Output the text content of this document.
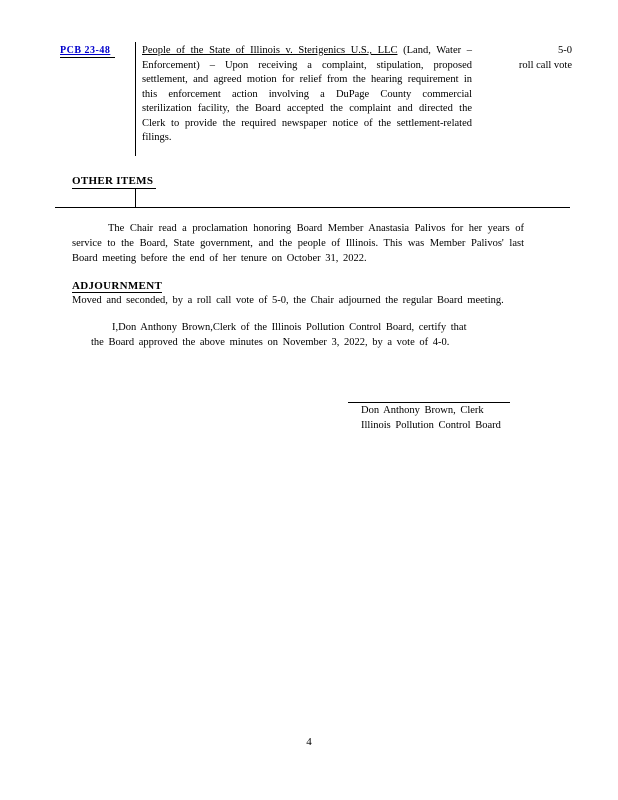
PCB 23-48	People of the State of Illinois v. Sterigenics U.S., LLC (Land, Water –Enforcement) – Upon receiving a complaint, stipulation, proposed settlement, and agreed motion for relief from the hearing requirement in this enforcement action involving a DuPage County commercial sterilization facility, the Board accepted the complaint and directed the Clerk to provide the required newspaper notice of the settlement-related filings.
5-0
roll call vote
OTHER ITEMS
The Chair read a proclamation honoring Board Member Anastasia Palivos for her years of service to the Board, State government, and the people of Illinois. This was Member Palivos' last Board meeting before the end of her tenure on October 31, 2022.
ADJOURNMENT
Moved and seconded, by a roll call vote of 5-0, the Chair adjourned the regular Board meeting.
I,Don Anthony Brown,Clerk of the Illinois Pollution Control Board, certify that
the Board approved the above minutes on November 3, 2022, by a vote of 4-0.
Don Anthony Brown, Clerk
Illinois Pollution Control Board
4
